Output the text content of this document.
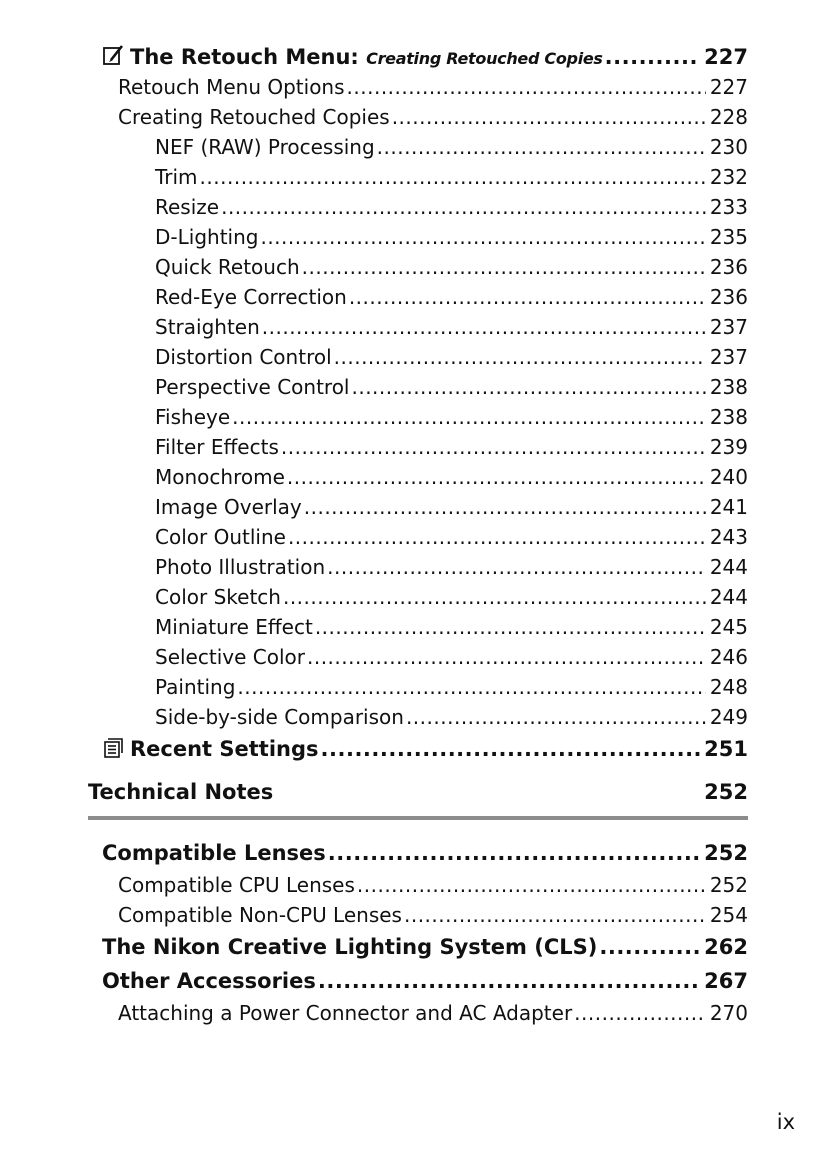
The Retouch Menu: Creating Retouched Copies .....	227
Retouch Menu Options .....	227
Creating Retouched Copies .....	228
NEF (RAW) Processing .....	230
Trim .....	232
Resize .....	233
D-Lighting .....	235
Quick Retouch .....	236
Red-Eye Correction .....	236
Straighten .....	237
Distortion Control .....	237
Perspective Control .....	238
Fisheye .....	238
Filter Effects .....	239
Monochrome .....	240
Image Overlay .....	241
Color Outline .....	243
Photo Illustration .....	244
Color Sketch .....	244
Miniature Effect .....	245
Selective Color .....	246
Painting .....	248
Side-by-side Comparison .....	249
Recent Settings .....	251
Technical Notes	252
Compatible Lenses .....	252
Compatible CPU Lenses .....	252
Compatible Non-CPU Lenses .....	254
The Nikon Creative Lighting System (CLS) .....	262
Other Accessories .....	267
Attaching a Power Connector and AC Adapter .....	270
ix
